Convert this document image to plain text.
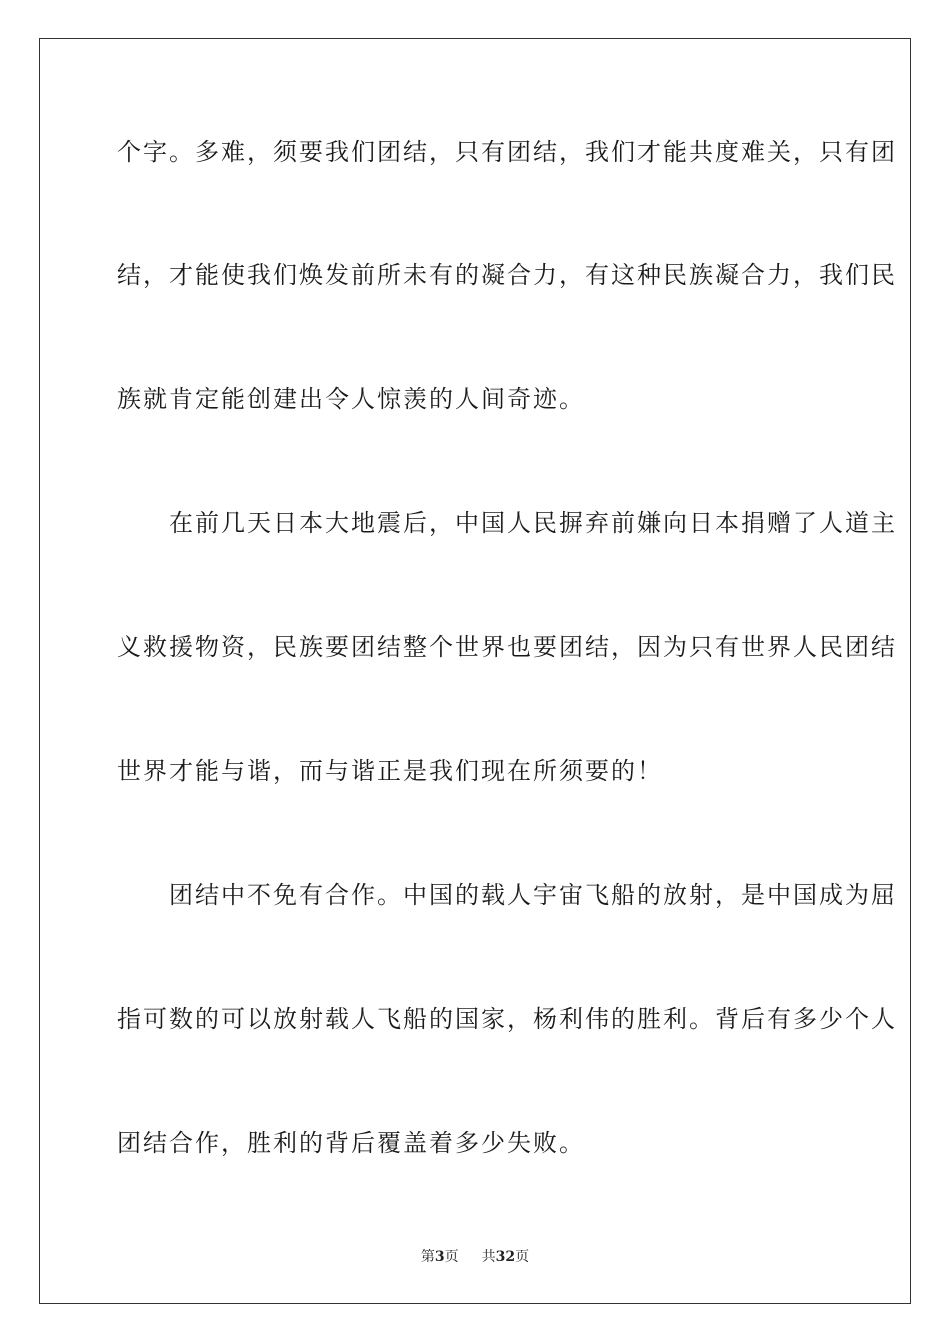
个字。多难，须要我们团结，只有团结，我们才能共度难关，只有团
结，才能使我们焕发前所未有的凝合力，有这种民族凝合力，我们民
族就肯定能创建出令人惊羡的人间奇迹。
　　在前几天日本大地震后，中国人民摒弃前嫌向日本捐赠了人道主
义救援物资，民族要团结整个世界也要团结，因为只有世界人民团结
世界才能与谐，而与谐正是我们现在所须要的！
　　团结中不免有合作。中国的载人宇宙飞船的放射，是中国成为屈
指可数的可以放射载人飞船的国家，杨利伟的胜利。背后有多少个人
团结合作，胜利的背后覆盖着多少失败。
第3页 共32页
